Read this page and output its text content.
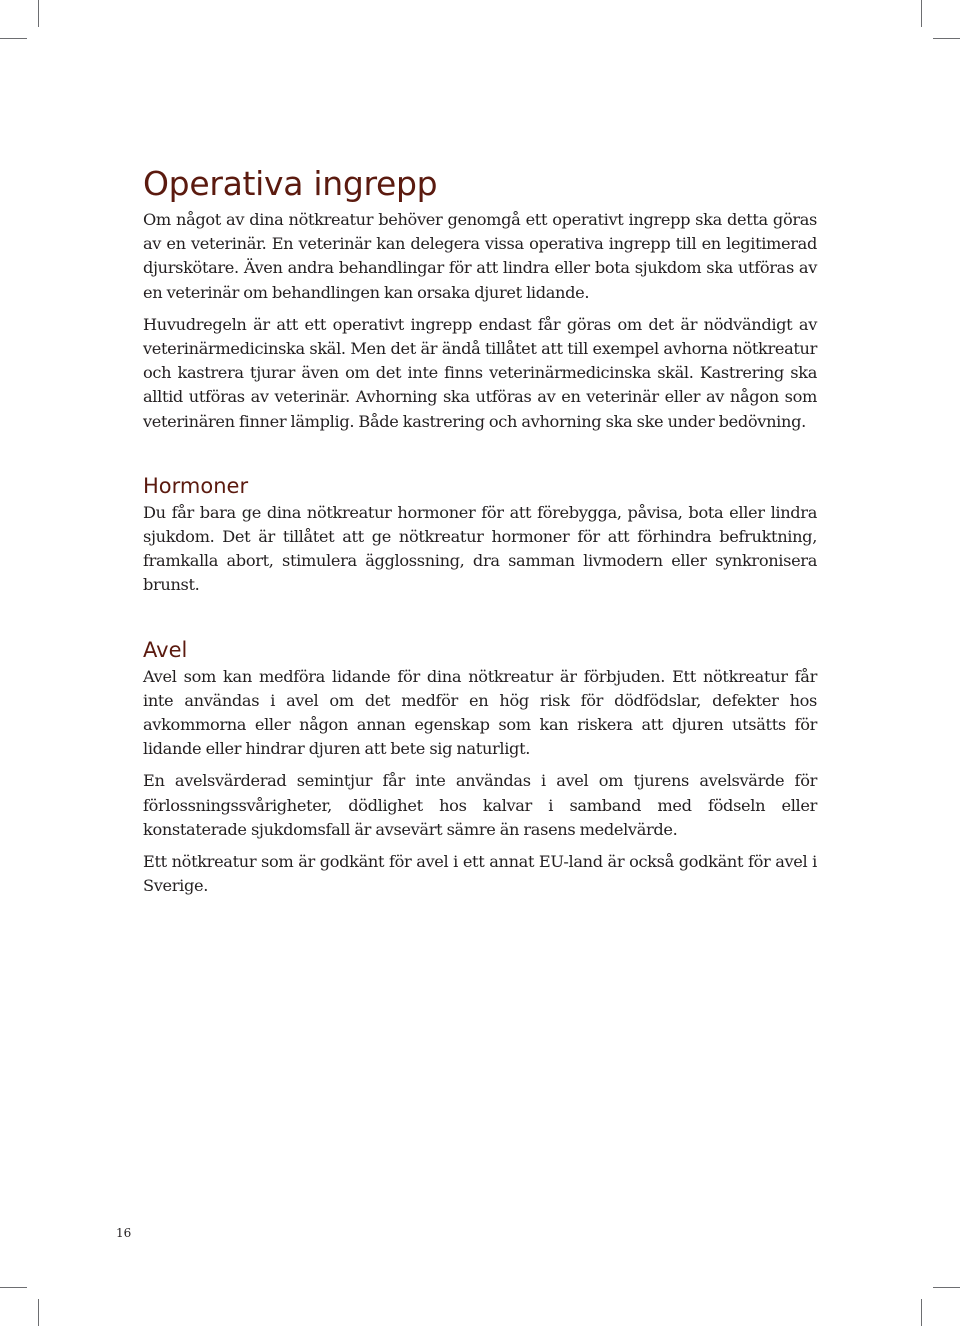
Operativa ingrepp

Om något av dina nötkreatur behöver genomgå ett operativt ingrepp ska detta göras av en veterinär. En veterinär kan delegera vissa operativa ingrepp till en legitimerad djurskötare. Även andra behandlingar för att lindra eller bota sjukdom ska utföras av en veterinär om behandlingen kan orsaka djuret lidande.

Huvudregeln är att ett operativt ingrepp endast får göras om det är nödvändigt av veterinärmedicinska skäl. Men det är ändå tillåtet att till exempel avhorna nötkreatur och kastrera tjurar även om det inte finns veterinärmedicinska skäl. Kastrering ska alltid utföras av veterinär. Avhorning ska utföras av en veterinär eller av någon som veterinären finner lämplig. Både kastrering och avhorning ska ske under bedövning.

Hormoner

Du får bara ge dina nötkreatur hormoner för att förebygga, påvisa, bota eller lindra sjukdom. Det är tillåtet att ge nötkreatur hormoner för att förhindra befruktning, framkalla abort, stimulera ägglossning, dra samman livmodern eller synkronisera brunst.

Avel

Avel som kan medföra lidande för dina nötkreatur är förbjuden. Ett nötkreatur får inte användas i avel om det medför en hög risk för dödfödslar, defekter hos avkommorna eller någon annan egenskap som kan riskera att djuren utsätts för lidande eller hindrar djuren att bete sig naturligt.

En avelsvärderad semintjur får inte användas i avel om tjurens avelsvärde för förlossningssvårigheter, dödlighet hos kalvar i samband med födseln eller konstaterade sjukdomsfall är avsevärt sämre än rasens medelvärde.

Ett nötkreatur som är godkänt för avel i ett annat EU-land är också godkänt för avel i Sverige.

16
